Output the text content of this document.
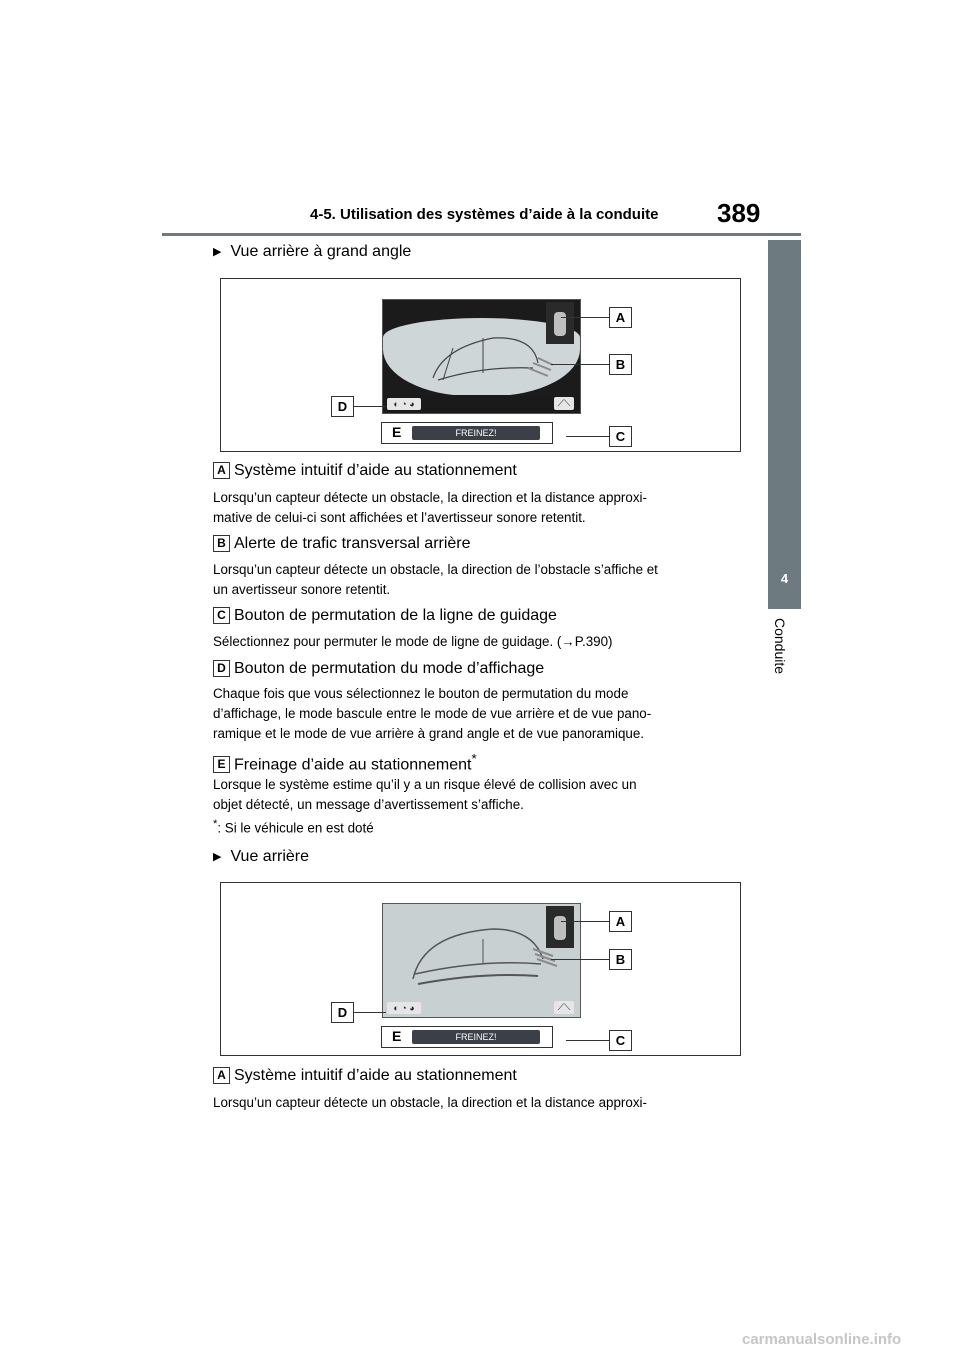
4-5. Utilisation des systèmes d’aide à la conduite 389
4
Conduite
▶ Vue arrière à grand angle
◐ ◔ ◕	⟋⟍
E	FREINEZ!
A
B
C
D
A Système intuitif d’aide au stationnement
Lorsqu’un capteur détecte un obstacle, la direction et la distance approxi-
mative de celui-ci sont affichées et l’avertisseur sonore retentit.
B Alerte de trafic transversal arrière
Lorsqu’un capteur détecte un obstacle, la direction de l’obstacle s’affiche et
un avertisseur sonore retentit.
C Bouton de permutation de la ligne de guidage
Sélectionnez pour permuter le mode de ligne de guidage. (→P.390)
D Bouton de permutation du mode d’affichage
Chaque fois que vous sélectionnez le bouton de permutation du mode
d’affichage, le mode bascule entre le mode de vue arrière et de vue pano-
ramique et le mode de vue arrière à grand angle et de vue panoramique.
E Freinage d’aide au stationnement*
Lorsque le système estime qu’il y a un risque élevé de collision avec un
objet détecté, un message d’avertissement s’affiche.
*: Si le véhicule en est doté
▶ Vue arrière
◐ ◔ ◕	⟋⟍
E	FREINEZ!
A
B
C
D
A Système intuitif d’aide au stationnement
Lorsqu’un capteur détecte un obstacle, la direction et la distance approxi-
carmanualsonline.info
